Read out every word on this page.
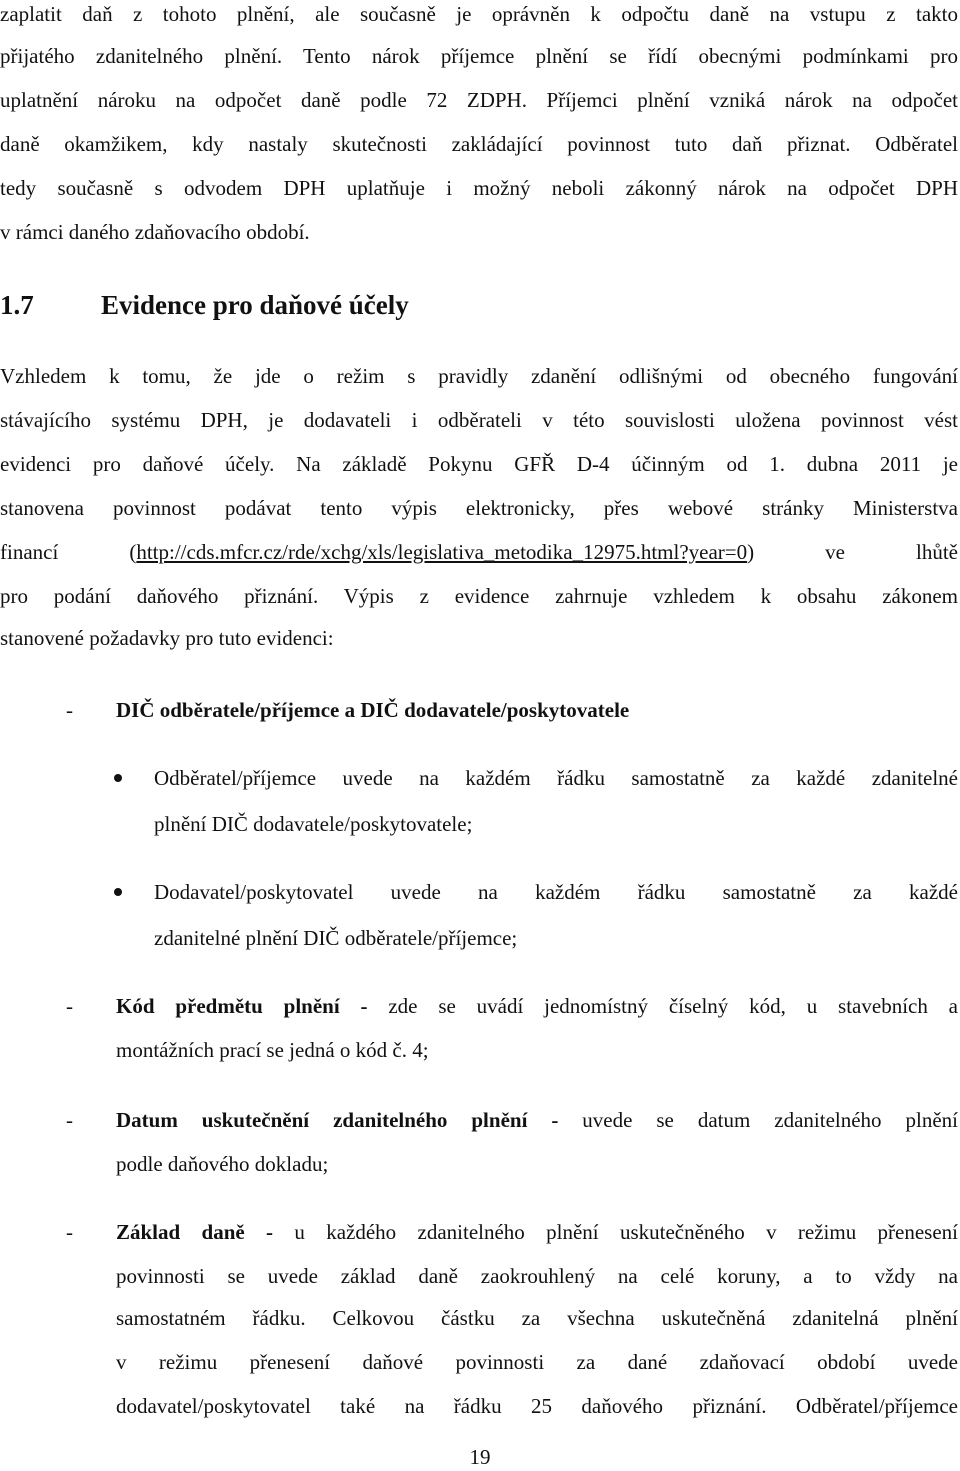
zaplatit daň z tohoto plnění, ale současně je oprávněn k odpočtu daně na vstupu z takto
přijatého zdanitelného plnění. Tento nárok příjemce plnění se řídí obecnými podmínkami pro
uplatnění nároku na odpočet daně podle 72 ZDPH. Příjemci plnění vzniká nárok na odpočet
daně okamžikem, kdy nastaly skutečnosti zakládající povinnost tuto daň přiznat. Odběratel
tedy současně s odvodem DPH uplatňuje i možný neboli zákonný nárok na odpočet DPH
v rámci daného zdaňovacího období.
1.7 Evidence pro daňové účely
Vzhledem k tomu, že jde o režim s pravidly zdanění odlišnými od obecného fungování
stávajícího systému DPH, je dodavateli i odběrateli v této souvislosti uložena povinnost vést
evidenci pro daňové účely. Na základě Pokynu GFŘ D-4 účinným od 1. dubna 2011 je
stanovena povinnost podávat tento výpis elektronicky, přes webové stránky Ministerstva
financí (http://cds.mfcr.cz/rde/xchg/xls/legislativa_metodika_12975.html?year=0) ve lhůtě
pro podání daňového přiznání. Výpis z evidence zahrnuje vzhledem k obsahu zákonem
stanovené požadavky pro tuto evidenci:
- DIČ odběratele/příjemce a DIČ dodavatele/poskytovatele
Odběratel/příjemce uvede na každém řádku samostatně za každé zdanitelné
plnění DIČ dodavatele/poskytovatele;
Dodavatel/poskytovatel uvede na každém řádku samostatně za každé
zdanitelné plnění DIČ odběratele/příjemce;
- Kód předmětu plnění - zde se uvádí jednomístný číselný kód, u stavebních a
montážních prací se jedná o kód č. 4;
- Datum uskutečnění zdanitelného plnění - uvede se datum zdanitelného plnění
podle daňového dokladu;
- Základ daně - u každého zdanitelného plnění uskutečněného v režimu přenesení
povinnosti se uvede základ daně zaokrouhlený na celé koruny, a to vždy na
samostatném řádku. Celkovou částku za všechna uskutečněná zdanitelná plnění
v režimu přenesení daňové povinnosti za dané zdaňovací období uvede
dodavatel/poskytovatel také na řádku 25 daňového přiznání. Odběratel/příjemce
19
